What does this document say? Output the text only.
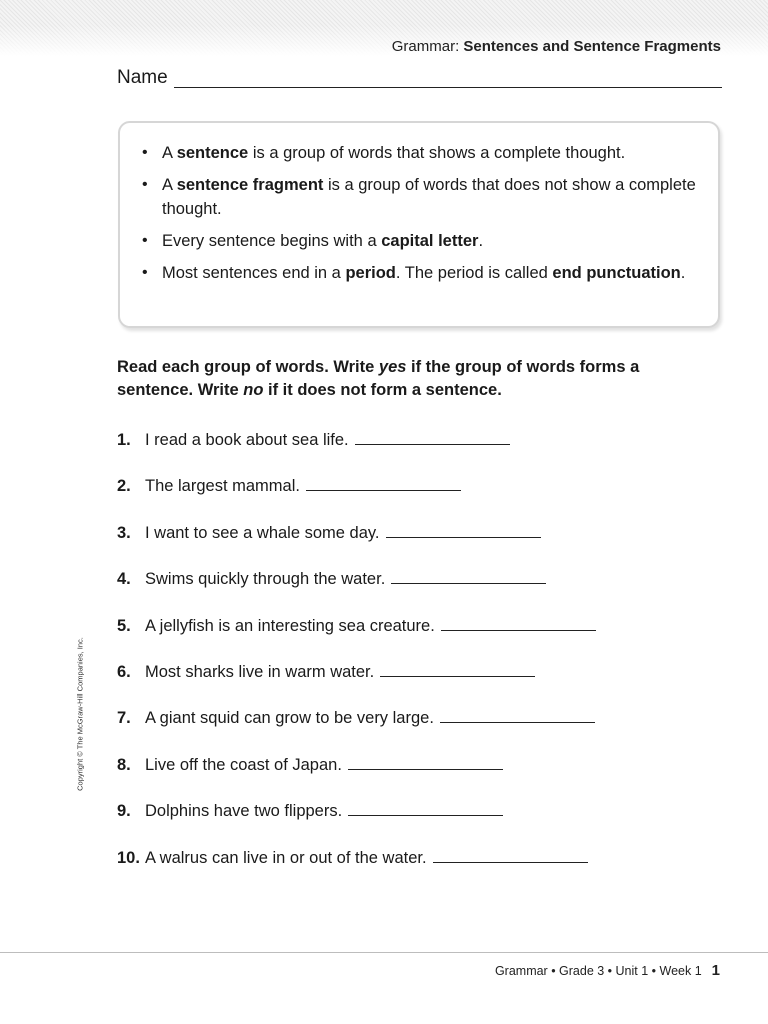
Grammar: Sentences and Sentence Fragments
Name
• A sentence is a group of words that shows a complete thought.
• A sentence fragment is a group of words that does not show a complete thought.
• Every sentence begins with a capital letter.
• Most sentences end in a period. The period is called end punctuation.
Read each group of words. Write yes if the group of words forms a sentence. Write no if it does not form a sentence.
1. I read a book about sea life.
2. The largest mammal.
3. I want to see a whale some day.
4. Swims quickly through the water.
5. A jellyfish is an interesting sea creature.
6. Most sharks live in warm water.
7. A giant squid can grow to be very large.
8. Live off the coast of Japan.
9. Dolphins have two flippers.
10. A walrus can live in or out of the water.
Copyright © The McGraw-Hill Companies, Inc.
Grammar • Grade 3 • Unit 1 • Week 1 1
